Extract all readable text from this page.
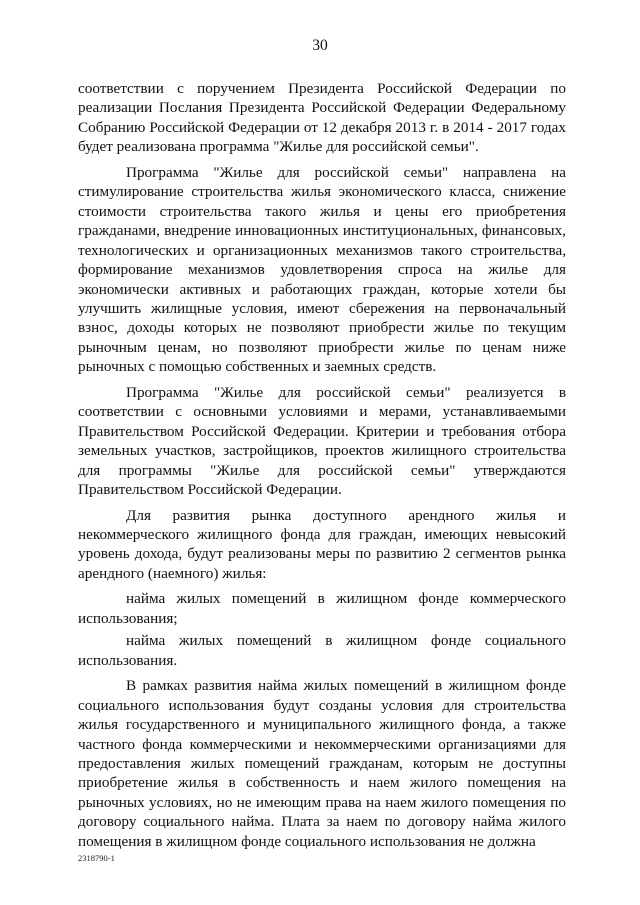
30

соответствии с поручением Президента Российской Федерации по реализации Послания Президента Российской Федерации Федеральному Собранию Российской Федерации от 12 декабря 2013 г. в 2014 - 2017 годах будет реализована программа "Жилье для российской семьи".

Программа "Жилье для российской семьи" направлена на стимулирование строительства жилья экономического класса, снижение стоимости строительства такого жилья и цены его приобретения гражданами, внедрение инновационных институциональных, финансовых, технологических и организационных механизмов такого строительства, формирование механизмов удовлетворения спроса на жилье для экономически активных и работающих граждан, которые хотели бы улучшить жилищные условия, имеют сбережения на первоначальный взнос, доходы которых не позволяют приобрести жилье по текущим рыночным ценам, но позволяют приобрести жилье по ценам ниже рыночных с помощью собственных и заемных средств.

Программа "Жилье для российской семьи" реализуется в соответствии с основными условиями и мерами, устанавливаемыми Правительством Российской Федерации. Критерии и требования отбора земельных участков, застройщиков, проектов жилищного строительства для программы "Жилье для российской семьи" утверждаются Правительством Российской Федерации.

Для развития рынка доступного арендного жилья и некоммерческого жилищного фонда для граждан, имеющих невысокий уровень дохода, будут реализованы меры по развитию 2 сегментов рынка арендного (наемного) жилья:

найма жилых помещений в жилищном фонде коммерческого использования;

найма жилых помещений в жилищном фонде социального использования.

В рамках развития найма жилых помещений в жилищном фонде социального использования будут созданы условия для строительства жилья государственного и муниципального жилищного фонда, а также частного фонда коммерческими и некоммерческими организациями для предоставления жилых помещений гражданам, которым не доступны приобретение жилья в собственность и наем жилого помещения на рыночных условиях, но не имеющим права на наем жилого помещения по договору социального найма. Плата за наем по договору найма жилого помещения в жилищном фонде социального использования не должна

2318790-1
